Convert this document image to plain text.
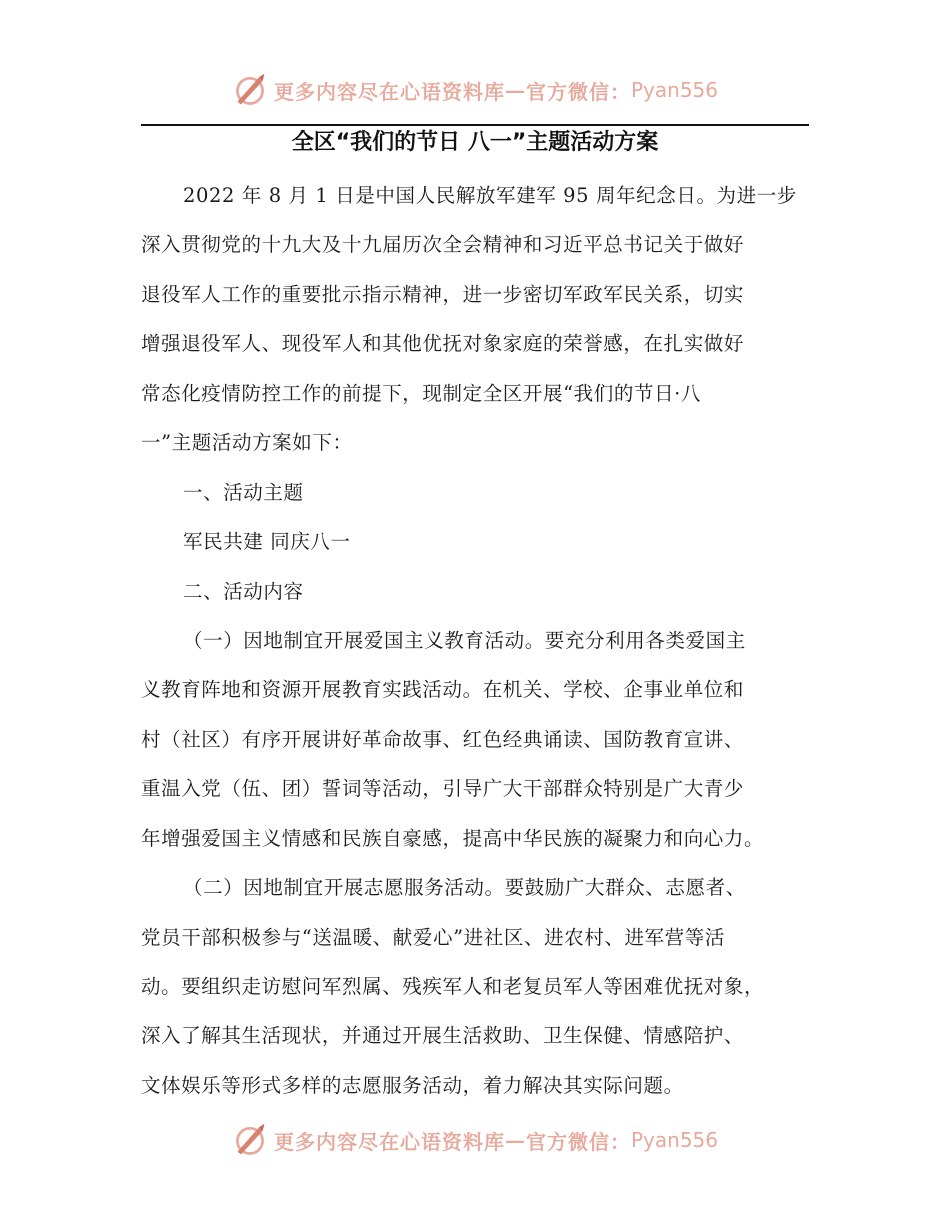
更多内容尽在心语资料库 — 官方微信： Pyan556
全区“我们的节日 八一”主题活动方案
2022 年 8 月 1 日是中国人民解放军建军 95 周年纪念日。为进一步
深入贯彻党的十九大及十九届历次全会精神和习近平总书记关于做好
退役军人工作的重要批示指示精神，进一步密切军政军民关系，切实
增强退役军人、现役军人和其他优抚对象家庭的荣誉感，在扎实做好
常态化疫情防控工作的前提下，现制定全区开展“我们的节日·八
一”主题活动方案如下：
一、活动主题
军民共建 同庆八一
二、活动内容
（一）因地制宜开展爱国主义教育活动。要充分利用各类爱国主
义教育阵地和资源开展教育实践活动。在机关、学校、企事业单位和
村（社区）有序开展讲好革命故事、红色经典诵读、国防教育宣讲、
重温入党（伍、团）誓词等活动，引导广大干部群众特别是广大青少
年增强爱国主义情感和民族自豪感，提高中华民族的凝聚力和向心力。
（二）因地制宜开展志愿服务活动。要鼓励广大群众、志愿者、
党员干部积极参与“送温暖、献爱心”进社区、进农村、进军营等活
动。要组织走访慰问军烈属、残疾军人和老复员军人等困难优抚对象，
深入了解其生活现状，并通过开展生活救助、卫生保健、情感陪护、
文体娱乐等形式多样的志愿服务活动，着力解决其实际问题。
更多内容尽在心语资料库 — 官方微信： Pyan556
